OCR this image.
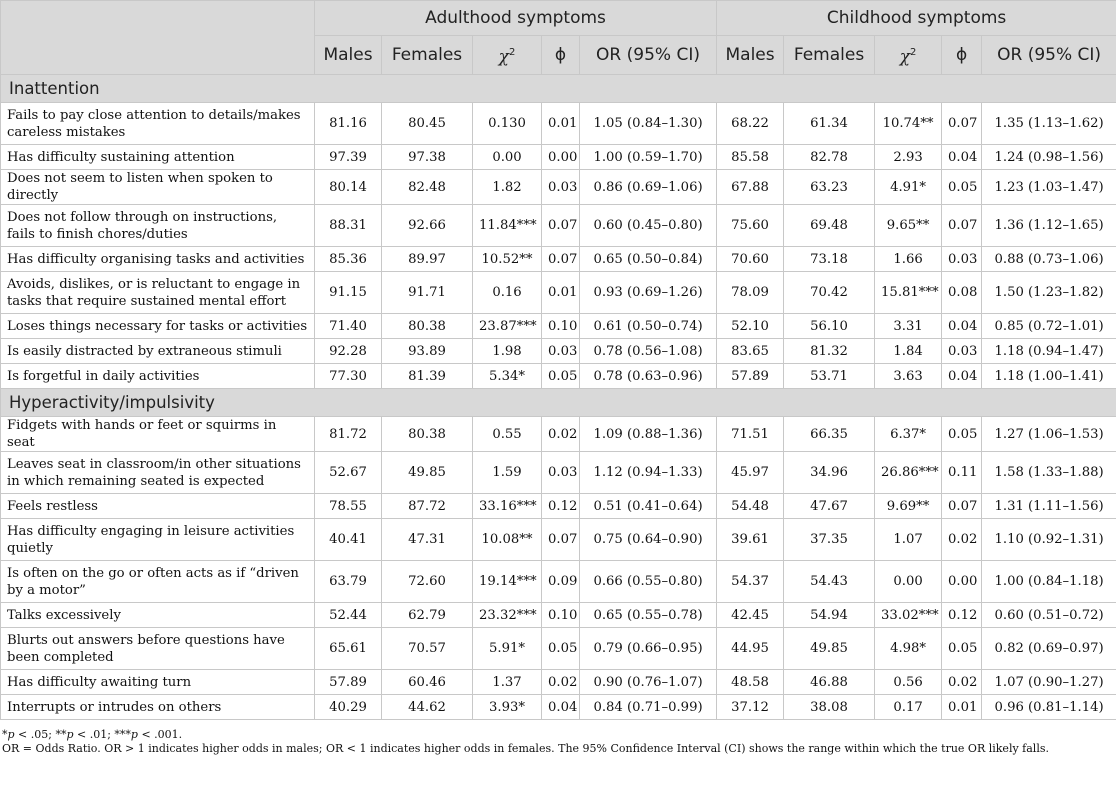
	Adulthood symptoms					Childhood symptoms				
	Males	Females	$\chi^2$	ϕ	OR (95% CI)	Males	Females	$\chi^2$	ϕ	OR (95% CI)
Inattention										
Fails to pay close attention to details/makes careless mistakes	81.16	80.45	0.130	0.01	1.05 (0.84–1.30)	68.22	61.34	10.74**	0.07	1.35 (1.13–1.62)
Has difficulty sustaining attention	97.39	97.38	0.00	0.00	1.00 (0.59–1.70)	85.58	82.78	2.93	0.04	1.24 (0.98–1.56)
Does not seem to listen when spoken to directly	80.14	82.48	1.82	0.03	0.86 (0.69–1.06)	67.88	63.23	4.91*	0.05	1.23 (1.03–1.47)
Does not follow through on instructions, fails to finish chores/duties	88.31	92.66	11.84***	0.07	0.60 (0.45–0.80)	75.60	69.48	9.65**	0.07	1.36 (1.12–1.65)
Has difficulty organising tasks and activities	85.36	89.97	10.52**	0.07	0.65 (0.50–0.84)	70.60	73.18	1.66	0.03	0.88 (0.73–1.06)
Avoids, dislikes, or is reluctant to engage in tasks that require sustained mental effort	91.15	91.71	0.16	0.01	0.93 (0.69–1.26)	78.09	70.42	15.81***	0.08	1.50 (1.23–1.82)
Loses things necessary for tasks or activities	71.40	80.38	23.87***	0.10	0.61 (0.50–0.74)	52.10	56.10	3.31	0.04	0.85 (0.72–1.01)
Is easily distracted by extraneous stimuli	92.28	93.89	1.98	0.03	0.78 (0.56–1.08)	83.65	81.32	1.84	0.03	1.18 (0.94–1.47)
Is forgetful in daily activities	77.30	81.39	5.34*	0.05	0.78 (0.63–0.96)	57.89	53.71	3.63	0.04	1.18 (1.00–1.41)
Hyperactivity/impulsivity										
Fidgets with hands or feet or squirms in seat	81.72	80.38	0.55	0.02	1.09 (0.88–1.36)	71.51	66.35	6.37*	0.05	1.27 (1.06–1.53)
Leaves seat in classroom/in other situations in which remaining seated is expected	52.67	49.85	1.59	0.03	1.12 (0.94–1.33)	45.97	34.96	26.86***	0.11	1.58 (1.33–1.88)
Feels restless	78.55	87.72	33.16***	0.12	0.51 (0.41–0.64)	54.48	47.67	9.69**	0.07	1.31 (1.11–1.56)
Has difficulty engaging in leisure activities quietly	40.41	47.31	10.08**	0.07	0.75 (0.64–0.90)	39.61	37.35	1.07	0.02	1.10 (0.92–1.31)
Is often on the go or often acts as if “driven by a motor”	63.79	72.60	19.14***	0.09	0.66 (0.55–0.80)	54.37	54.43	0.00	0.00	1.00 (0.84–1.18)
Talks excessively	52.44	62.79	23.32***	0.10	0.65 (0.55–0.78)	42.45	54.94	33.02***	0.12	0.60 (0.51–0.72)
Blurts out answers before questions have been completed	65.61	70.57	5.91*	0.05	0.79 (0.66–0.95)	44.95	49.85	4.98*	0.05	0.82 (0.69–0.97)
Has difficulty awaiting turn	57.89	60.46	1.37	0.02	0.90 (0.76–1.07)	48.58	46.88	0.56	0.02	1.07 (0.90–1.27)
Interrupts or intrudes on others	40.29	44.62	3.93*	0.04	0.84 (0.71–0.99)	37.12	38.08	0.17	0.01	0.96 (0.81–1.14)
*p < .05; **p < .01; ***p < .001.
OR = Odds Ratio. OR > 1 indicates higher odds in males; OR < 1 indicates higher odds in females. The 95% Confidence Interval (CI) shows the range within which the true OR likely falls.
